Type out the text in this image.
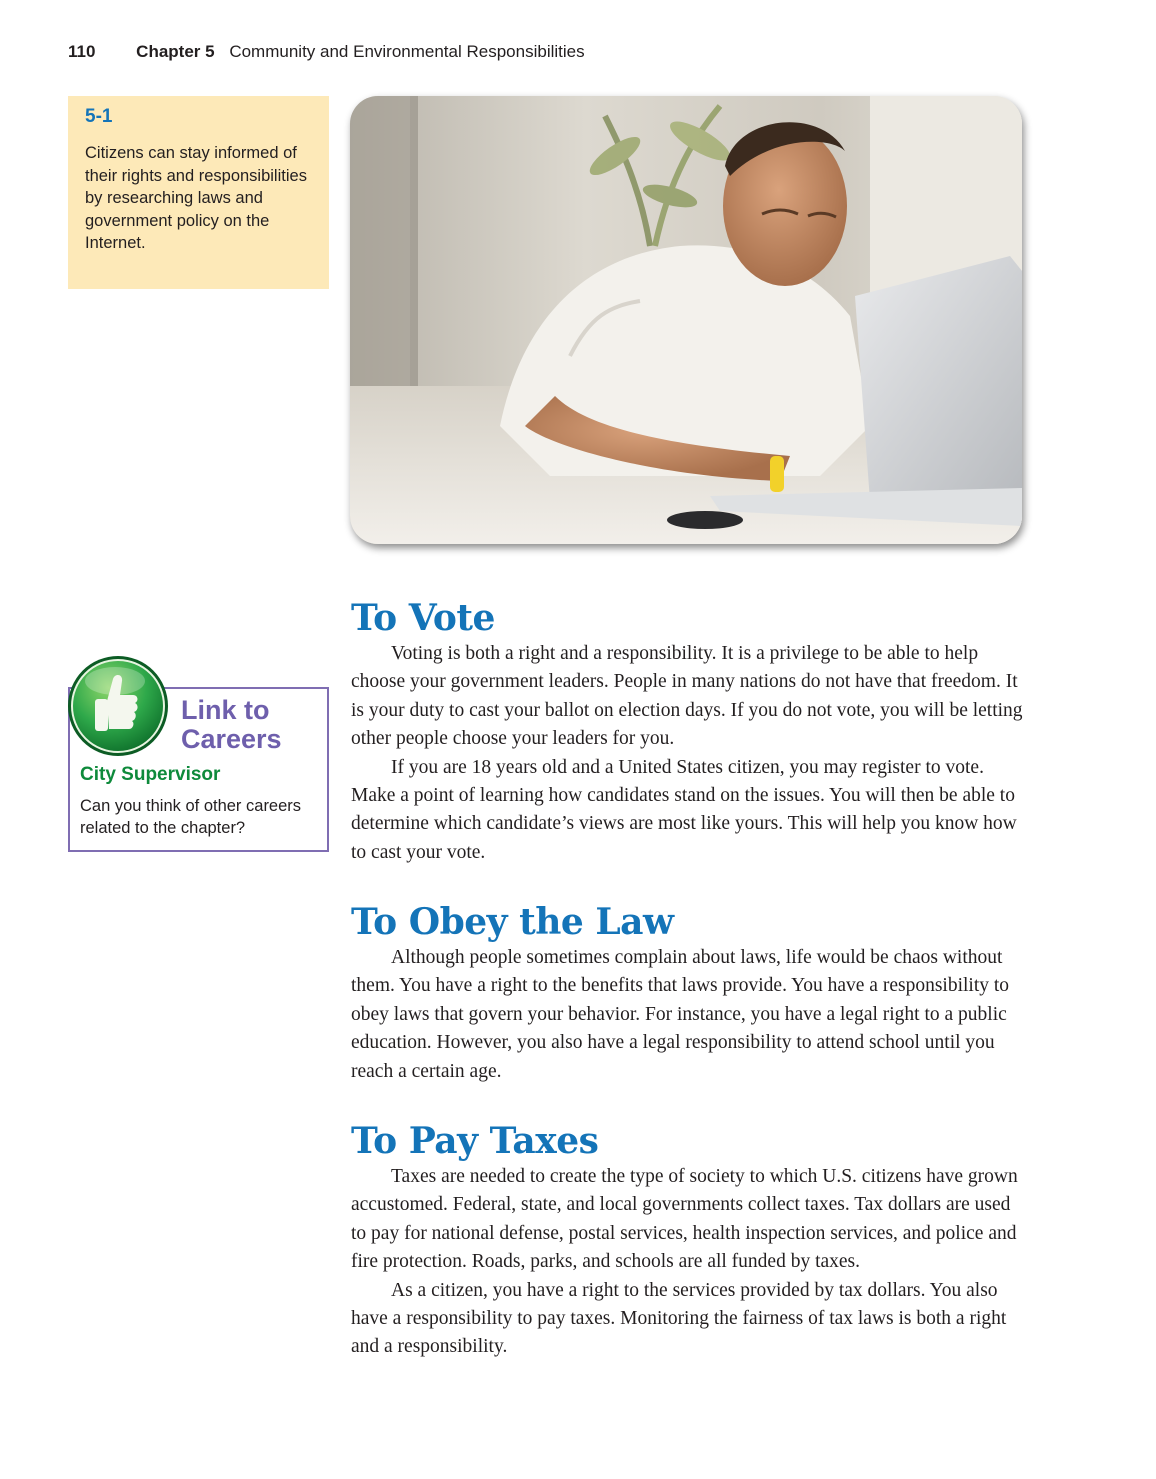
110 Chapter 5 Community and Environmental Responsibilities
5-1
Citizens can stay informed of their rights and responsibilities by researching laws and government policy on the Internet.
Link to
Careers
City Supervisor
Can you think of other careers related to the chapter?
To Vote

Voting is both a right and a responsibility. It is a privilege to be able to help choose your government leaders. People in many nations do not have that freedom. It is your duty to cast your ballot on election days. If you do not vote, you will be letting other people choose your leaders for you.

If you are 18 years old and a United States citizen, you may register to vote. Make a point of learning how candidates stand on the issues. You will then be able to determine which candidate’s views are most like yours. This will help you know how to cast your vote.

To Obey the Law

Although people sometimes complain about laws, life would be chaos without them. You have a right to the benefits that laws provide. You have a responsibility to obey laws that govern your behavior. For instance, you have a legal right to a public education. However, you also have a legal responsibility to attend school until you reach a certain age.

To Pay Taxes

Taxes are needed to create the type of society to which U.S. citizens have grown accustomed. Federal, state, and local governments collect taxes. Tax dollars are used to pay for national defense, postal services, health inspection services, and police and fire protection. Roads, parks, and schools are all funded by taxes.

As a citizen, you have a right to the services provided by tax dollars. You also have a responsibility to pay taxes. Monitoring the fairness of tax laws is both a right and a responsibility.
